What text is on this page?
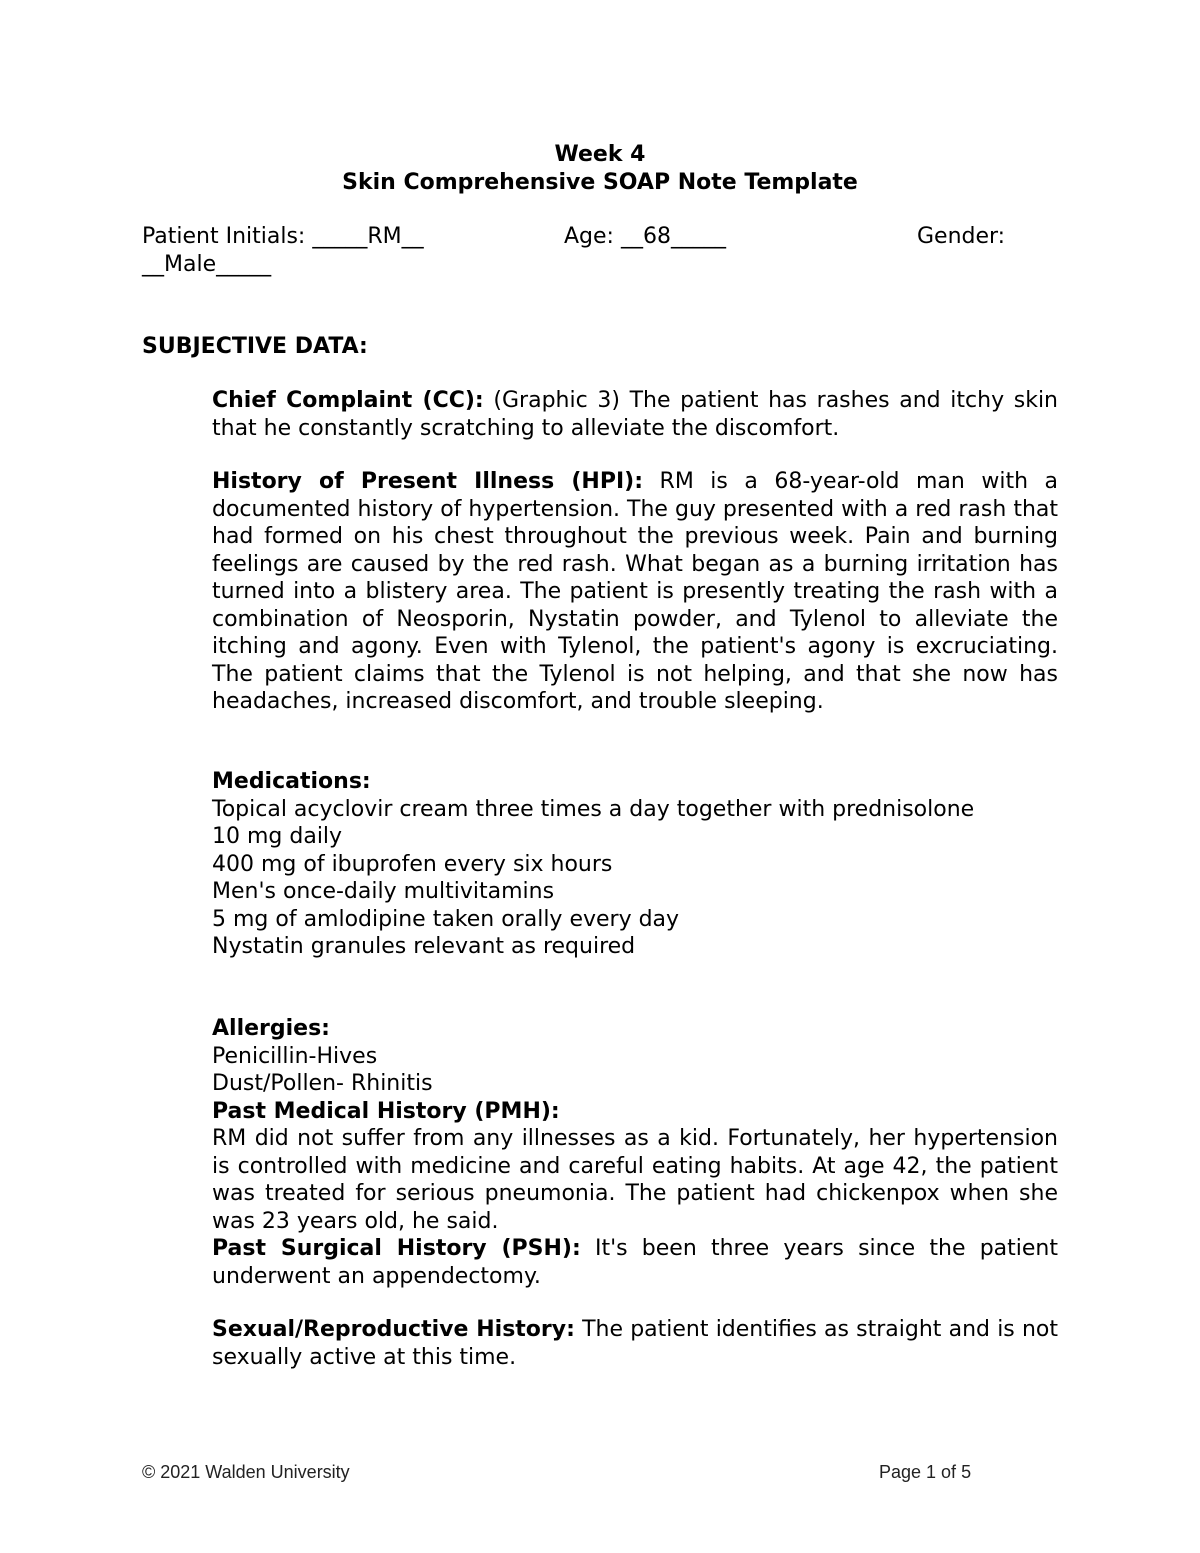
Week 4
Skin Comprehensive SOAP Note Template
Patient Initials: _____RM__	Age: __68_____	Gender:
__Male_____
SUBJECTIVE DATA:
Chief Complaint (CC): (Graphic 3) The patient has rashes and itchy skin that he constantly scratching to alleviate the discomfort.
History of Present Illness (HPI): RM is a 68-year-old man with a documented history of hypertension. The guy presented with a red rash that had formed on his chest throughout the previous week. Pain and burning feelings are caused by the red rash. What began as a burning irritation has turned into a blistery area. The patient is presently treating the rash with a combination of Neosporin, Nystatin powder, and Tylenol to alleviate the itching and agony. Even with Tylenol, the patient's agony is excruciating. The patient claims that the Tylenol is not helping, and that she now has headaches, increased discomfort, and trouble sleeping.
Medications:
Topical acyclovir cream three times a day together with prednisolone
10 mg daily
400 mg of ibuprofen every six hours
Men's once-daily multivitamins
5 mg of amlodipine taken orally every day
Nystatin granules relevant as required
Allergies:
Penicillin-Hives
Dust/Pollen- Rhinitis
Past Medical History (PMH):
RM did not suffer from any illnesses as a kid. Fortunately, her hypertension is controlled with medicine and careful eating habits. At age 42, the patient was treated for serious pneumonia. The patient had chickenpox when she was 23 years old, he said.
Past Surgical History (PSH): It's been three years since the patient underwent an appendectomy.
Sexual/Reproductive History: The patient identifies as straight and is not sexually active at this time.
© 2021 Walden University	Page 1 of 5
